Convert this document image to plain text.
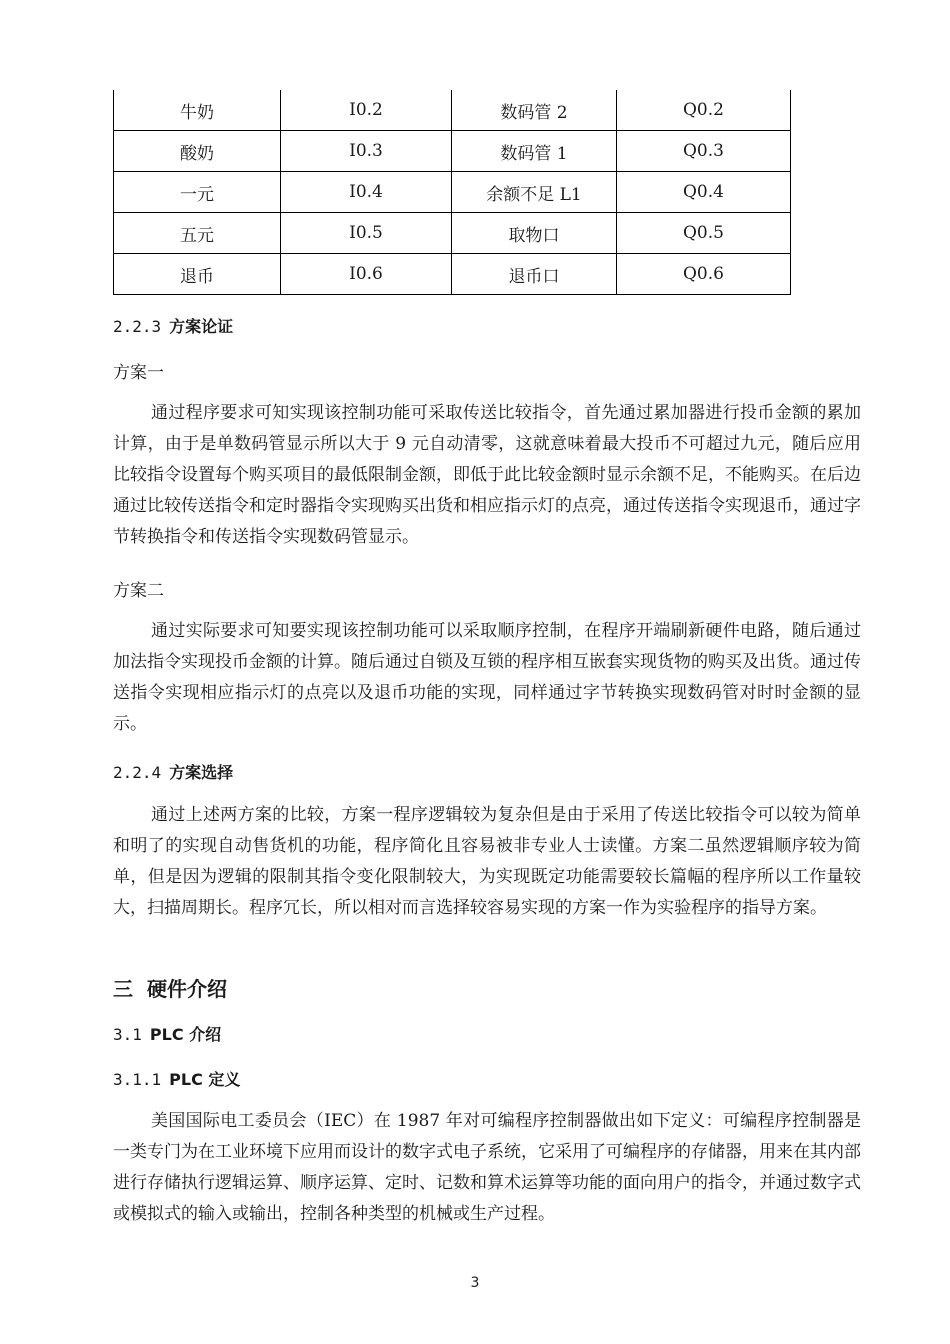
牛奶	I0.2	数码管 2	Q0.2
酸奶	I0.3	数码管 1	Q0.3
一元	I0.4	余额不足 L1	Q0.4
五元	I0.5	取物口	Q0.5
退币	I0.6	退币口	Q0.6
2.2.3 方案论证
方案一

通过程序要求可知实现该控制功能可采取传送比较指令，首先通过累加器进行投币金额的累加计算，由于是单数码管显示所以大于 9 元自动清零，这就意味着最大投币不可超过九元，随后应用比较指令设置每个购买项目的最低限制金额，即低于此比较金额时显示余额不足，不能购买。在后边通过比较传送指令和定时器指令实现购买出货和相应指示灯的点亮，通过传送指令实现退币，通过字节转换指令和传送指令实现数码管显示。

方案二

通过实际要求可知要实现该控制功能可以采取顺序控制，在程序开端刷新硬件电路，随后通过加法指令实现投币金额的计算。随后通过自锁及互锁的程序相互嵌套实现货物的购买及出货。通过传送指令实现相应指示灯的点亮以及退币功能的实现，同样通过字节转换实现数码管对时时金额的显示。

2.2.4 方案选择

通过上述两方案的比较，方案一程序逻辑较为复杂但是由于采用了传送比较指令可以较为简单和明了的实现自动售货机的功能，程序简化且容易被非专业人士读懂。方案二虽然逻辑顺序较为简单，但是因为逻辑的限制其指令变化限制较大，为实现既定功能需要较长篇幅的程序所以工作量较大，扫描周期长。程序冗长，所以相对而言选择较容易实现的方案一作为实验程序的指导方案。

三 硬件介绍
3.1 PLC 介绍
3.1.1 PLC 定义

美国国际电工委员会（IEC）在 1987 年对可编程序控制器做出如下定义：可编程序控制器是一类专门为在工业环境下应用而设计的数字式电子系统，它采用了可编程序的存储器，用来在其内部进行存储执行逻辑运算、顺序运算、定时、记数和算术运算等功能的面向用户的指令，并通过数字式或模拟式的输入或输出，控制各种类型的机械或生产过程。

3
